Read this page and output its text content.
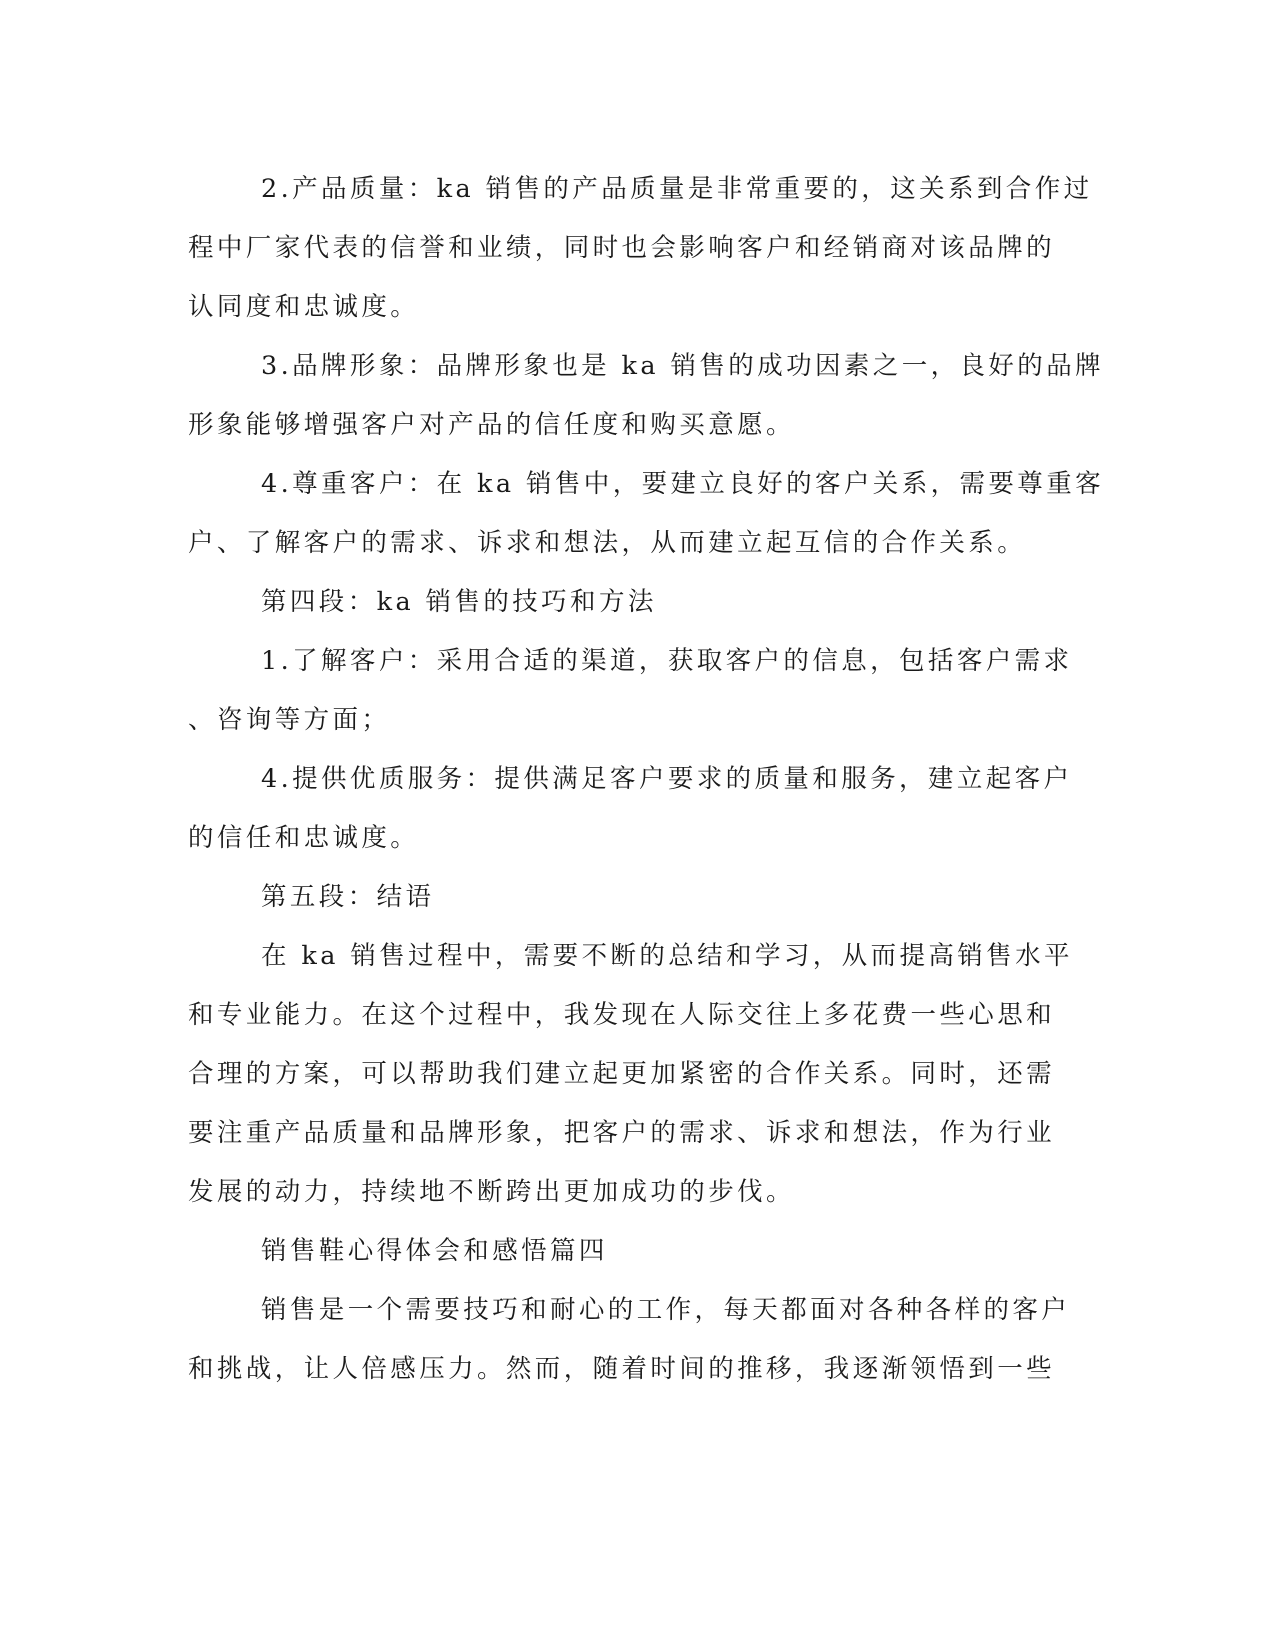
2.产品质量：ka 销售的产品质量是非常重要的，这关系到合作过
程中厂家代表的信誉和业绩，同时也会影响客户和经销商对该品牌的
认同度和忠诚度。
3.品牌形象：品牌形象也是 ka 销售的成功因素之一，良好的品牌
形象能够增强客户对产品的信任度和购买意愿。
4.尊重客户：在 ka 销售中，要建立良好的客户关系，需要尊重客
户、了解客户的需求、诉求和想法，从而建立起互信的合作关系。
第四段：ka 销售的技巧和方法
1.了解客户：采用合适的渠道，获取客户的信息，包括客户需求
、咨询等方面；
4.提供优质服务：提供满足客户要求的质量和服务，建立起客户
的信任和忠诚度。
第五段：结语
在 ka 销售过程中，需要不断的总结和学习，从而提高销售水平
和专业能力。在这个过程中，我发现在人际交往上多花费一些心思和
合理的方案，可以帮助我们建立起更加紧密的合作关系。同时，还需
要注重产品质量和品牌形象，把客户的需求、诉求和想法，作为行业
发展的动力，持续地不断跨出更加成功的步伐。
销售鞋心得体会和感悟篇四
销售是一个需要技巧和耐心的工作，每天都面对各种各样的客户
和挑战，让人倍感压力。然而，随着时间的推移，我逐渐领悟到一些
